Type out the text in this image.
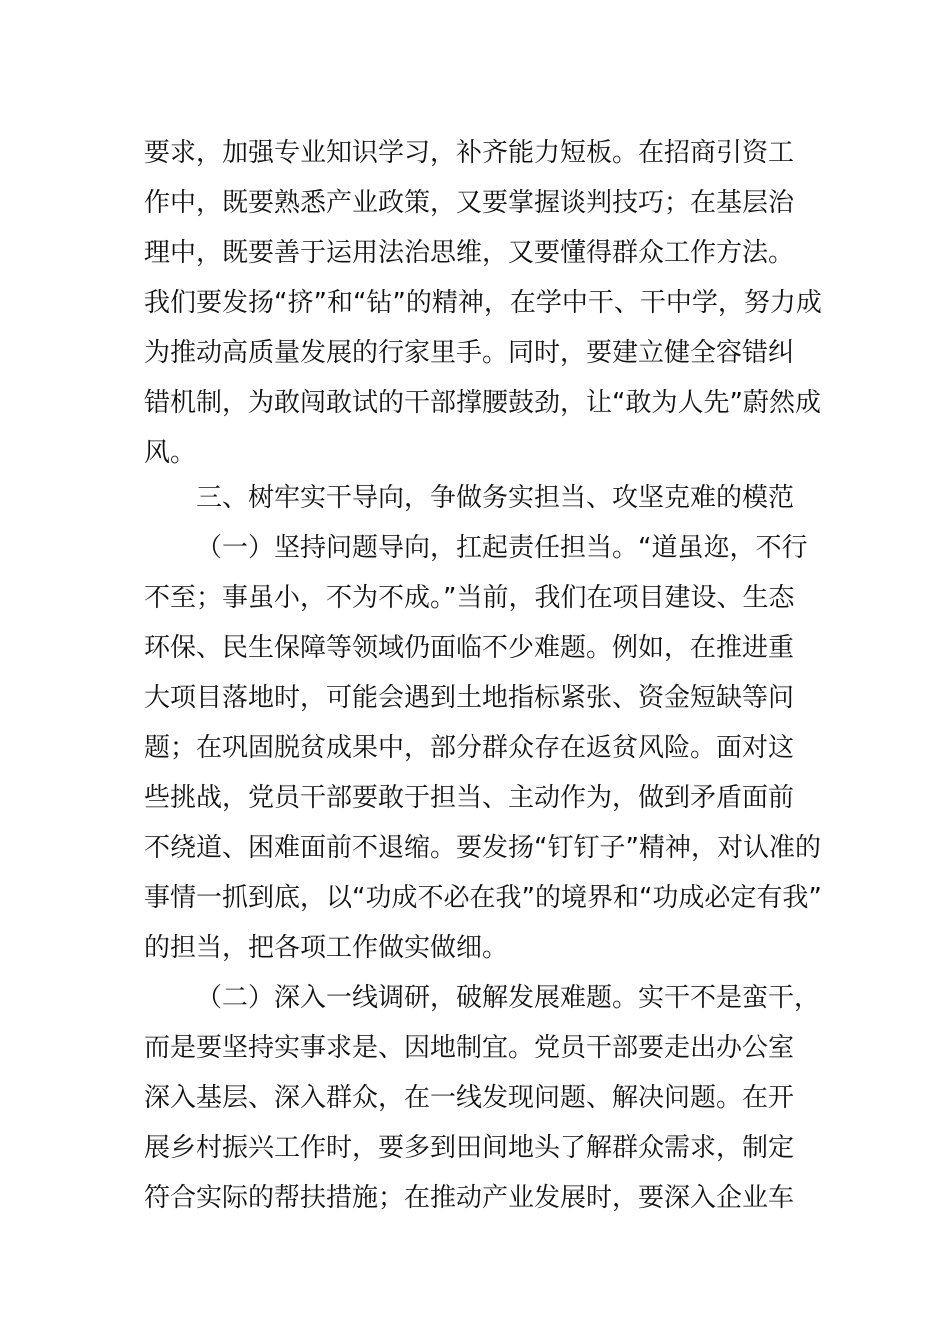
要求，加强专业知识学习，补齐能力短板。在招商引资工
作中，既要熟悉产业政策，又要掌握谈判技巧；在基层治
理中，既要善于运用法治思维，又要懂得群众工作方法。
我们要发扬“挤”和“钻”的精神，在学中干、干中学，努力成
为推动高质量发展的行家里手。同时，要建立健全容错纠
错机制，为敢闯敢试的干部撑腰鼓劲，让“敢为人先”蔚然成
风。
三、树牢实干导向，争做务实担当、攻坚克难的模范
（一）坚持问题导向，扛起责任担当。“道虽迩，不行
不至；事虽小，不为不成。”当前，我们在项目建设、生态
环保、民生保障等领域仍面临不少难题。例如，在推进重
大项目落地时，可能会遇到土地指标紧张、资金短缺等问
题；在巩固脱贫成果中，部分群众存在返贫风险。面对这
些挑战，党员干部要敢于担当、主动作为，做到矛盾面前
不绕道、困难面前不退缩。要发扬“钉钉子”精神，对认准的
事情一抓到底，以“功成不必在我”的境界和“功成必定有我”
的担当，把各项工作做实做细。
（二）深入一线调研，破解发展难题。实干不是蛮干，
而是要坚持实事求是、因地制宜。党员干部要走出办公室
深入基层、深入群众，在一线发现问题、解决问题。在开
展乡村振兴工作时，要多到田间地头了解群众需求，制定
符合实际的帮扶措施；在推动产业发展时，要深入企业车
